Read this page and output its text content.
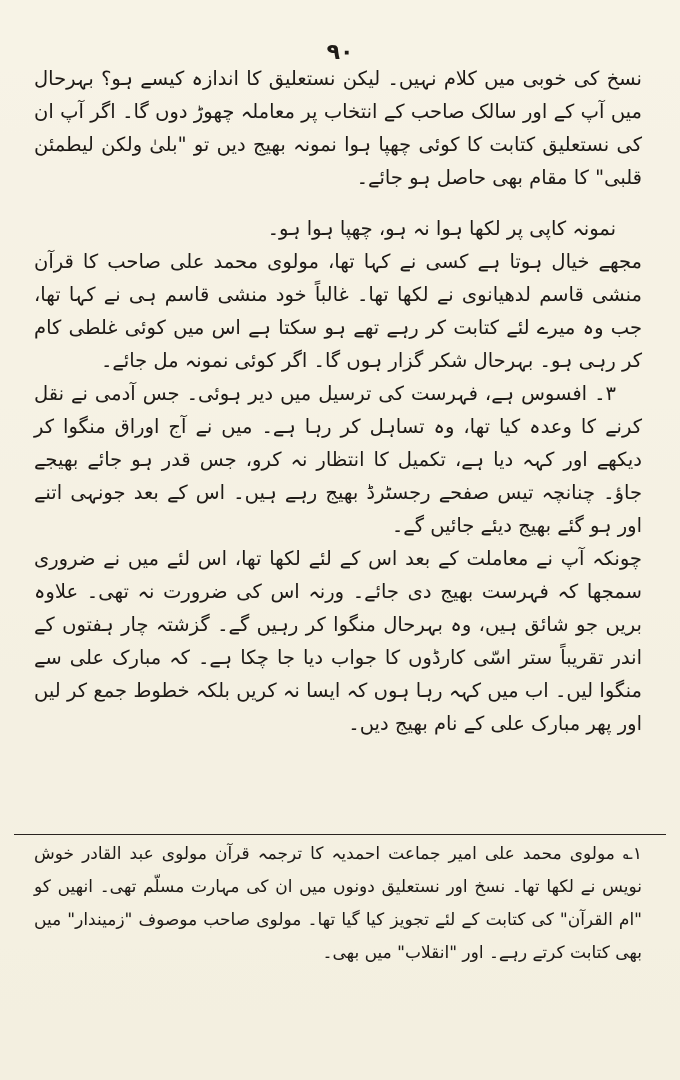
۹۰

نسخ کی خوبی میں کلام نہیں۔ لیکن نستعلیق کا اندازہ کیسے ہو؟ بہرحال میں آپ کے اور سالک صاحب کے انتخاب پر معاملہ چھوڑ دوں گا۔ اگر آپ ان کی نستعلیق کتابت کا کوئی چھپا ہوا نمونہ بھیج دیں تو "بلیٰ ولکن لیطمئن قلبی" کا مقام بھی حاصل ہو جائے۔

نمونہ کاپی پر لکھا ہوا نہ ہو، چھپا ہوا ہو۔

مجھے خیال ہوتا ہے کسی نے کہا تھا، مولوی محمد علی صاحب کا قرآن منشی قاسم لدھیانوی نے لکھا تھا۔ غالباً خود منشی قاسم ہی نے کہا تھا، جب وہ میرے لئے کتابت کر رہے تھے ہو سکتا ہے اس میں کوئی غلطی کام کر رہی ہو۔ بہرحال شکر گزار ہوں گا۔ اگر کوئی نمونہ مل جائے۔

۳۔ افسوس ہے، فہرست کی ترسیل میں دیر ہوئی۔ جس آدمی نے نقل کرنے کا وعدہ کیا تھا، وہ تساہل کر رہا ہے۔ میں نے آج اوراق منگوا کر دیکھے اور کہہ دیا ہے، تکمیل کا انتظار نہ کرو، جس قدر ہو جائے بھیجے جاؤ۔ چنانچہ تیس صفحے رجسٹرڈ بھیج رہے ہیں۔ اس کے بعد جونہی اتنے اور ہو گئے بھیج دیئے جائیں گے۔

چونکہ آپ نے معاملت کے بعد اس کے لئے لکھا تھا، اس لئے میں نے ضروری سمجھا کہ فہرست بھیج دی جائے۔ ورنہ اس کی ضرورت نہ تھی۔ علاوہ بریں جو شائق ہیں، وہ بہرحال منگوا کر رہیں گے۔ گزشتہ چار ہفتوں کے اندر تقریباً ستر اسّی کارڈوں کا جواب دیا جا چکا ہے۔ کہ مبارک علی سے منگوا لیں۔ اب میں کہہ رہا ہوں کہ ایسا نہ کریں بلکہ خطوط جمع کر لیں اور پھر مبارک علی کے نام بھیج دیں۔

۱؎ مولوی محمد علی امیر جماعت احمدیہ کا ترجمہ قرآن مولوی عبد القادر خوش نویس نے لکھا تھا۔ نسخ اور نستعلیق دونوں میں ان کی مہارت مسلّم تھی۔ انھیں کو "ام القرآن" کی کتابت کے لئے تجویز کیا گیا تھا۔ مولوی صاحب موصوف "زمیندار" میں بھی کتابت کرتے رہے۔ اور "انقلاب" میں بھی۔
